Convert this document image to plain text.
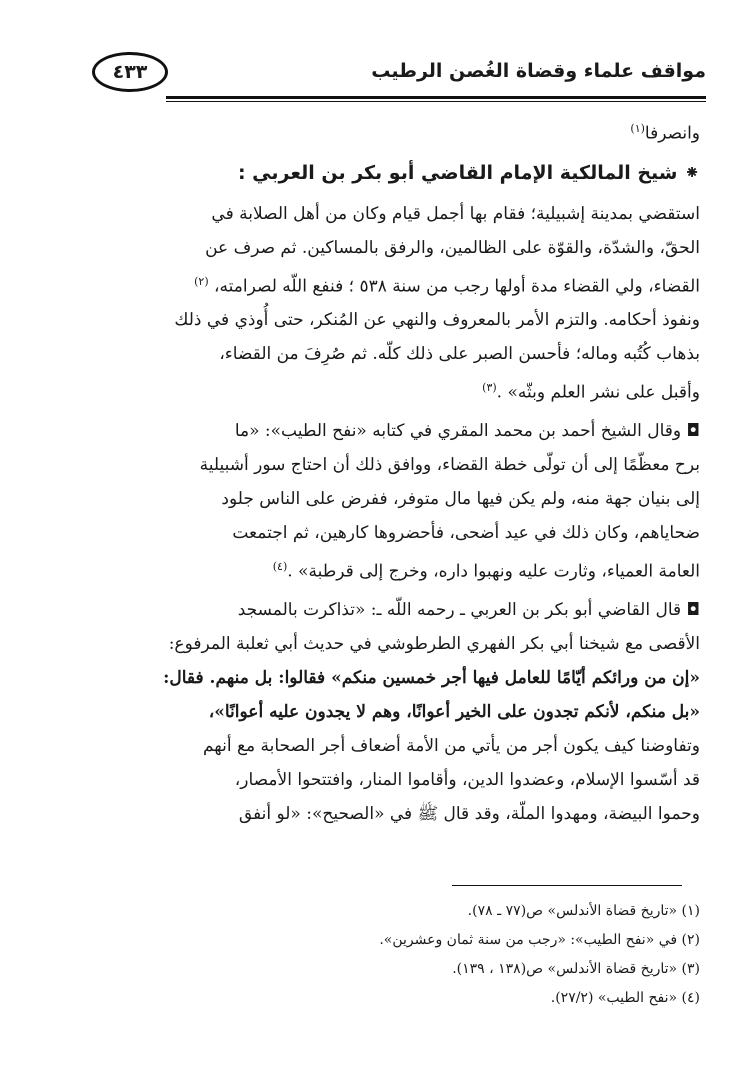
٤٣٣	مواقف علماء وقضاة الغُصن الرطيب
وانصرفا$^{(١)}$
⁕ شيخ المالكية الإمام القاضي أبو بكر بن العربي :
استقضي بمدينة إشبيلية؛ فقام بها أجمل قيام وكان من أهل الصلابة في
الحقّ، والشدّة، والقوّة على الظالمين، والرفق بالمساكين. ثم صرف عن
القضاء، ولي القضاء مدة أولها رجب من سنة ٥٣٨ ؛ فنفع اللّه لصرامته، $^{(٢)}$
ونفوذ أحكامه. والتزم الأمر بالمعروف والنهي عن المُنكر، حتى أُوذي في ذلك
بذهاب كُتُبه وماله؛ فأحسن الصبر على ذلك كلّه. ثم صُرِفَ من القضاء،
وأقبل على نشر العلم وبثّه» .$^{(٣)}$
◘ وقال الشيخ أحمد بن محمد المقري في كتابه «نفح الطيب»: «ما
برح معظّمًا إلى أن تولّى خطة القضاء، ووافق ذلك أن احتاج سور أشبيلية
إلى بنيان جهة منه، ولم يكن فيها مال متوفر، ففرض على الناس جلود
ضحاياهم، وكان ذلك في عيد أضحى، فأحضروها كارهين، ثم اجتمعت
العامة العمياء، وثارت عليه ونهبوا داره، وخرج إلى قرطبة» .$^{(٤)}$
◘ قال القاضي أبو بكر بن العربي ـ رحمه اللّه ـ: «تذاكرت بالمسجد
الأقصى مع شيخنا أبي بكر الفهري الطرطوشي في حديث أبي ثعلبة المرفوع:
«إن من ورائكم أيّامًا للعامل فيها أجر خمسين منكم» فقالوا: بل منهم. فقال:
«بل منكم، لأنكم تجدون على الخير أعوانًا، وهم لا يجدون عليه أعوانًا»،
وتفاوضنا كيف يكون أجر من يأتي من الأمة أضعاف أجر الصحابة مع أنهم
قد أسّسوا الإسلام، وعضدوا الدين، وأقاموا المنار، وافتتحوا الأمصار،
وحموا البيضة، ومهدوا الملّة، وقد قال ﷺ في «الصحيح»: «لو أنفق
(١) «تاريخ قضاة الأندلس» ص(٧٧ ـ ٧٨).
(٢) في «نفح الطيب»: «رجب من سنة ثمان وعشرين».
(٣) «تاريخ قضاة الأندلس» ص(١٣٨ ، ١٣٩).
(٤) «نفح الطيب» (٢٧/٢).
